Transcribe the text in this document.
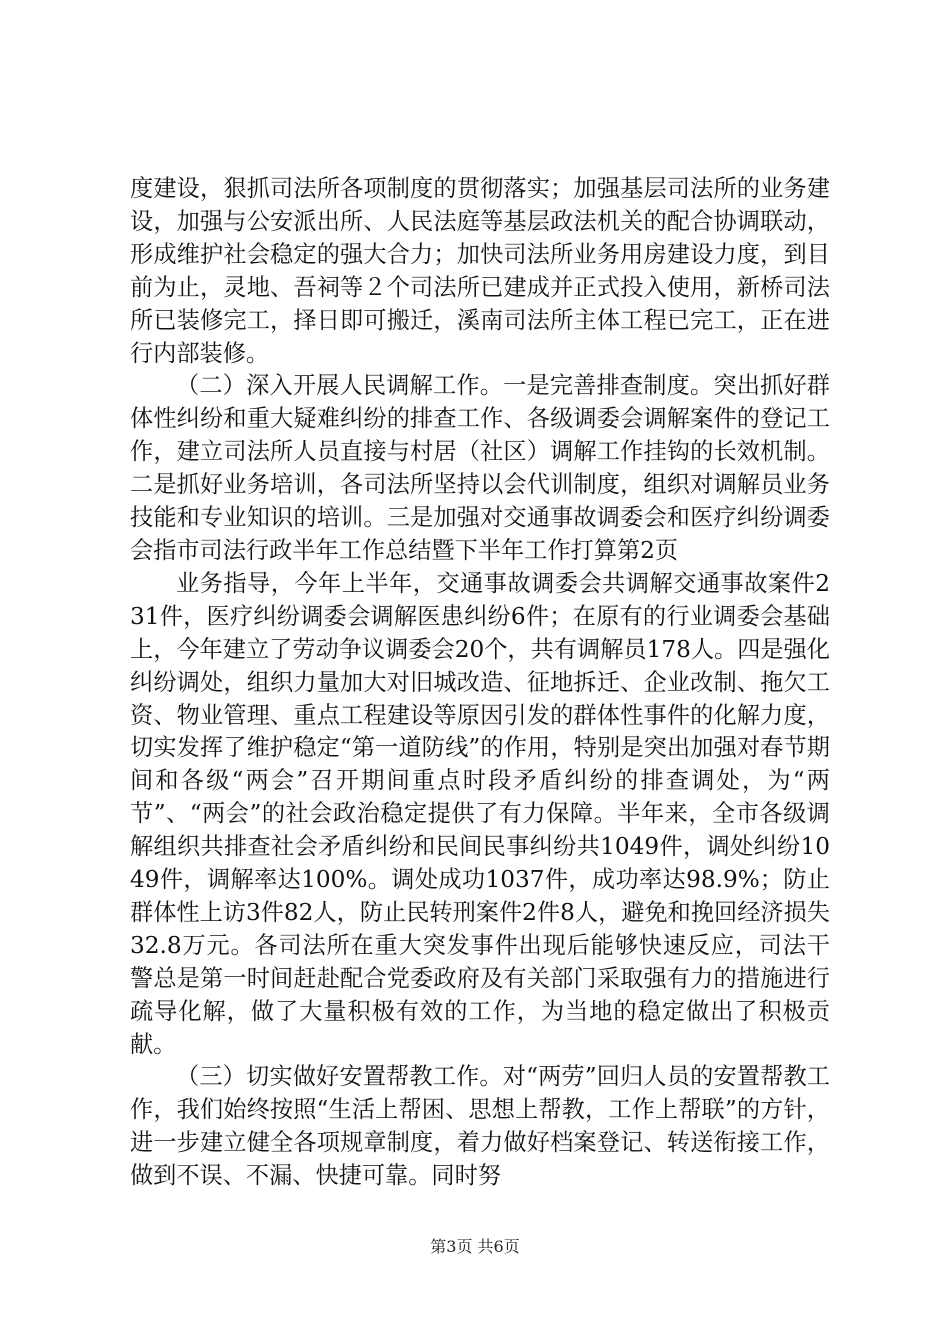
度建设，狠抓司法所各项制度的贯彻落实；加强基层司法所的业务建设，加强与公安派出所、人民法庭等基层政法机关的配合协调联动，形成维护社会稳定的强大合力；加快司法所业务用房建设力度，到目前为止，灵地、吾祠等２个司法所已建成并正式投入使用，新桥司法所已装修完工，择日即可搬迁，溪南司法所主体工程已完工，正在进行内部装修。

（二）深入开展人民调解工作。一是完善排查制度。突出抓好群体性纠纷和重大疑难纠纷的排查工作、各级调委会调解案件的登记工作，建立司法所人员直接与村居（社区）调解工作挂钩的长效机制。二是抓好业务培训，各司法所坚持以会代训制度，组织对调解员业务技能和专业知识的培训。三是加强对交通事故调委会和医疗纠纷调委会指市司法行政半年工作总结暨下半年工作打算第2页

业务指导，今年上半年，交通事故调委会共调解交通事故案件231件，医疗纠纷调委会调解医患纠纷6件；在原有的行业调委会基础上，今年建立了劳动争议调委会20个，共有调解员178人。四是强化纠纷调处，组织力量加大对旧城改造、征地拆迁、企业改制、拖欠工资、物业管理、重点工程建设等原因引发的群体性事件的化解力度，切实发挥了维护稳定“第一道防线”的作用，特别是突出加强对春节期间和各级“两会”召开期间重点时段矛盾纠纷的排查调处，为“两节”、“两会”的社会政治稳定提供了有力保障。半年来，全市各级调解组织共排查社会矛盾纠纷和民间民事纠纷共1049件，调处纠纷1049件，调解率达100%。调处成功1037件，成功率达98.9%；防止群体性上访3件82人，防止民转刑案件2件8人，避免和挽回经济损失32.8万元。各司法所在重大突发事件出现后能够快速反应，司法干警总是第一时间赶赴配合党委政府及有关部门采取强有力的措施进行疏导化解，做了大量积极有效的工作，为当地的稳定做出了积极贡献。

（三）切实做好安置帮教工作。对“两劳”回归人员的安置帮教工作，我们始终按照“生活上帮困、思想上帮教，工作上帮联”的方针，进一步建立健全各项规章制度，着力做好档案登记、转送衔接工作，做到不误、不漏、快捷可靠。同时努

第3页 共6页
